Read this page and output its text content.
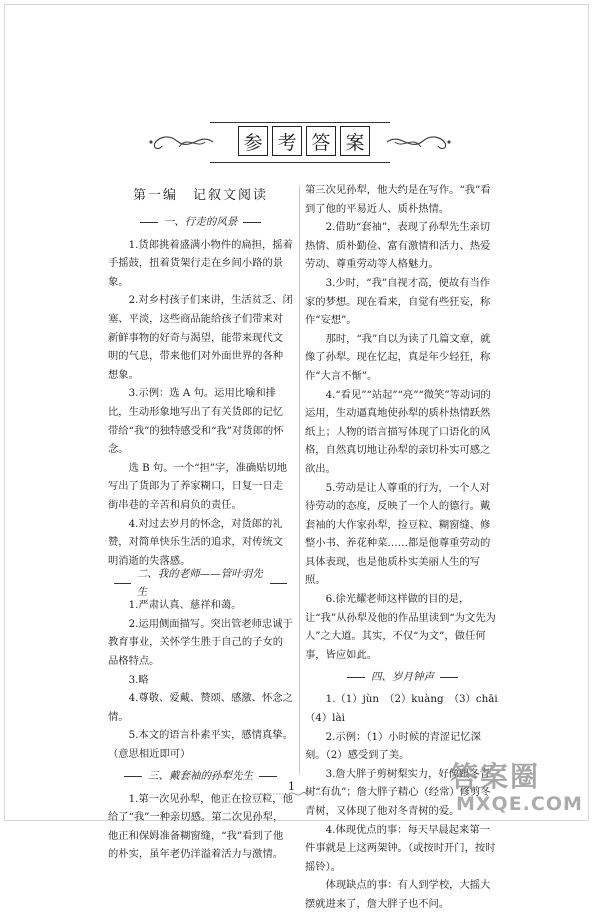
参 考 答 案
第一编　记叙文阅读
一、行走的风景

1.货郎挑着盛满小物件的扁担，摇着手摇鼓，扭着货架行走在乡间小路的景象。

2.对乡村孩子们来讲，生活贫乏、闭塞、平淡，这些商品能给孩子们带来对新鲜事物的好奇与渴望，能带来现代文明的气息，带来他们对外面世界的各种想象。

3.示例：选 A 句。运用比喻和排比，生动形象地写出了有关货郎的记忆带给“我”的独特感受和“我”对货郎的怀念。

选 B 句。一个“担”字，准确贴切地写出了货郎为了养家糊口，日复一日走街串巷的辛苦和肩负的责任。

4.对过去岁月的怀念，对货郎的礼赞，对简单快乐生活的追求，对传统文明消逝的失落感。

二、我的老师——管叶羽先生

1.严肃认真、慈祥和蔼。

2.运用侧面描写。突出管老师忠诚于教育事业，关怀学生胜于自己的子女的品格特点。

3.略

4.尊敬、爱戴、赞颂、感激、怀念之情。

5.本文的语言朴素平实，感情真挚。（意思相近即可）

三、戴套袖的孙犁先生

1.第一次见孙犁，他正在捡豆粒，他给了“我”一种亲切感。第二次见孙犁，他正和保姆准备糊窗缝，“我”看到了他的朴实，虽年老仍洋溢着活力与激情。

第三次见孙犁，他大约是在写作。“我”看到了他的平易近人、质朴热情。

2.借助“套袖”，表现了孙犁先生亲切热情、质朴勤俭、富有激情和活力、热爱劳动、尊重劳动等人格魅力。

3.少时，“我”自视才高，便故有当作家的梦想。现在看来，自觉有些狂妄，称作“妄想”。

那时，“我”自以为读了几篇文章，就像了孙犁。现在忆起，真是年少轻狂，称作“大言不惭”。

4.“看见”“站起”“亮”“微笑”等动词的运用，生动逼真地使孙犁的质朴热情跃然纸上；人物的语言描写体现了口语化的风格，自然真切地让孙犁的亲切朴实可感之欲出。

5.劳动是让人尊重的行为，一个人对待劳动的态度，反映了一个人的德行。戴套袖的大作家孙犁，捡豆粒、糊窗缝、修整小书、养花种菜……都是他尊重劳动的具体表现，也是他质朴实美丽人生的写照。

6.徐光耀老师这样做的目的是，让“我”从孙犁及他的作品里读到“为文先为人”之大道。其实，不仅“为文”，做任何事，皆应如此。

四、岁月钟声

1.（1）jùn　（2）kuàng　（3）chāi　（4）lài

2.示例：（1）小时候的青涩记忆深刻。（2）感受到了美。

3.詹大胖子剪树梨实力，好像跟冬青树“有仇”；詹大胖子精心（经常）修剪冬青树，又体现了他对冬青树的爱。

4.体现优点的事：每天早晨起来第一件事就是上这两架钟。（或按时开门，按时摇铃）。

体现缺点的事：有人到学校，大摇大摆就进来了，詹大胖子也不问。

1	答案圈
MXQE.COM
